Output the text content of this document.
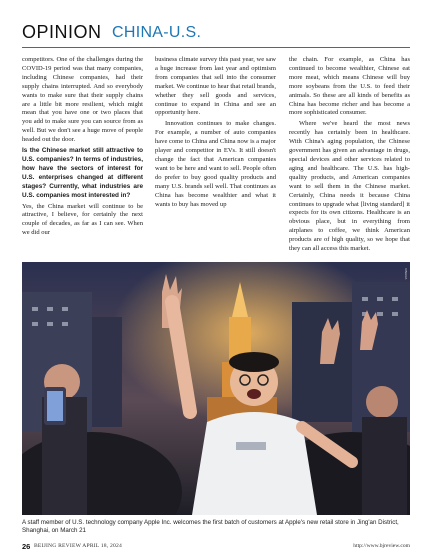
OPINION CHINA-U.S.

competitors. One of the challenges during the COVID-19 period was that many companies, including Chinese companies, had their supply chains interrupted. And so everybody wants to make sure that their supply chains are a little bit more resilient, which might mean that you have one or two places that you add to make sure you can source from as well. But we don't see a huge move of people headed out the door.

Is the Chinese market still attractive to U.S. companies? In terms of industries, how have the sectors of interest for U.S. enterprises changed at different stages? Currently, what industries are U.S. companies most interested in?

Yes, the China market will continue to be attractive, I believe, for certainly the next couple of decades, as far as I can see. When we did our

business climate survey this past year, we saw a huge increase from last year and optimism from companies that sell into the consumer market. We continue to hear that retail brands, whether they sell goods and services, continue to expand in China and see an opportunity here.

Innovation continues to make changes. For example, a number of auto companies have come to China and China now is a major player and competitor in EVs. It still doesn't change the fact that American companies want to be here and want to sell. People often do prefer to buy good quality products and many U.S. brands sell well. That continues as China has become wealthier and what it wants to buy has moved up

the chain. For example, as China has continued to become wealthier, Chinese eat more meat, which means Chinese will buy more soybeans from the U.S. to feed their animals. So these are all kinds of benefits as China has become richer and has become a more sophisticated consumer.

Where we've heard the most news recently has certainly been in healthcare. With China's aging population, the Chinese government has given an advantage in drugs, special devices and other services related to aging and healthcare. The U.S. has high-quality products, and American companies want to sell them in the Chinese market. Certainly, China needs it because China continues to upgrade what [living standard] it expects for its own citizens. Healthcare is an obvious place, but in everything from airplanes to coffee, we think American products are of high quality, so we hope that they can all access this market.

XINHUA
A staff member of U.S. technology company Apple Inc. welcomes the first batch of customers at Apple's new retail store in Jing'an District, Shanghai, on March 21
26 BEIJING REVIEW APRIL 18, 2024	http://www.bjreview.com
